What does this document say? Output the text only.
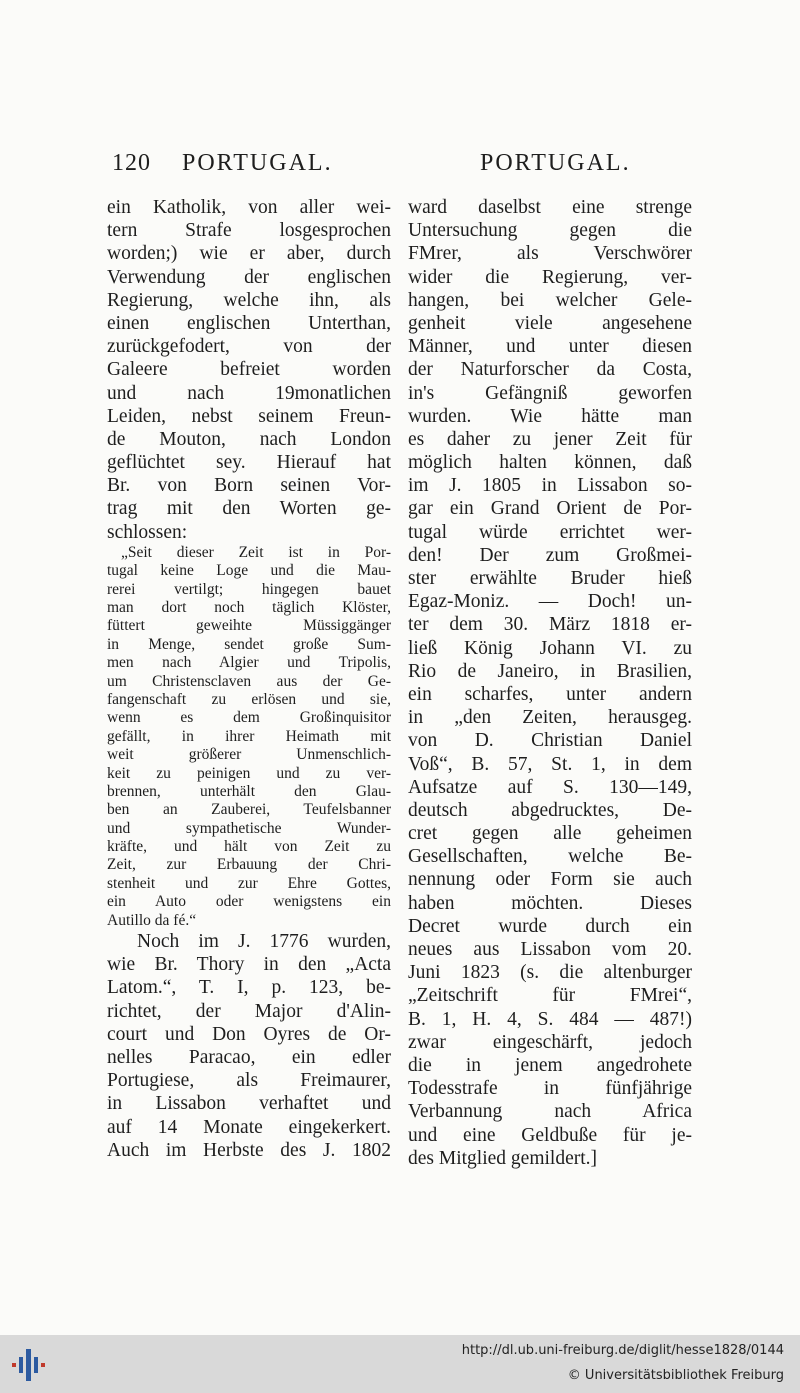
120 PORTUGAL.	PORTUGAL.
ein Katholik, von aller wei-
tern Strafe losgesprochen
worden;) wie er aber, durch
Verwendung der englischen
Regierung, welche ihn, als
einen englischen Unterthan,
zurückgefodert, von der
Galeere befreiet worden
und nach 19monatlichen
Leiden, nebst seinem Freun-
de Mouton, nach London
geflüchtet sey. Hierauf hat
Br. von Born seinen Vor-
trag mit den Worten ge-
schlossen:
„Seit dieser Zeit ist in Por-
tugal keine Loge und die Mau-
rerei vertilgt; hingegen bauet
man dort noch täglich Klöster,
füttert geweihte Müssiggänger
in Menge, sendet große Sum-
men nach Algier und Tripolis,
um Christensclaven aus der Ge-
fangenschaft zu erlösen und sie,
wenn es dem Großinquisitor
gefällt, in ihrer Heimath mit
weit größerer Unmenschlich-
keit zu peinigen und zu ver-
brennen, unterhält den Glau-
ben an Zauberei, Teufelsbanner
und sympathetische Wunder-
kräfte, und hält von Zeit zu
Zeit, zur Erbauung der Chri-
stenheit und zur Ehre Gottes,
ein Auto oder wenigstens ein
Autillo da fé.“
Noch im J. 1776 wurden,
wie Br. Thory in den „Acta
Latom.“, T. I, p. 123, be-
richtet, der Major d'Alin-
court und Don Oyres de Or-
nelles Paracao, ein edler
Portugiese, als Freimaurer,
in Lissabon verhaftet und
auf 14 Monate eingekerkert.
Auch im Herbste des J. 1802
ward daselbst eine strenge
Untersuchung gegen die
FMrer, als Verschwörer
wider die Regierung, ver-
hangen, bei welcher Gele-
genheit viele angesehene
Männer, und unter diesen
der Naturforscher da Costa,
in's Gefängniß geworfen
wurden. Wie hätte man
es daher zu jener Zeit für
möglich halten können, daß
im J. 1805 in Lissabon so-
gar ein Grand Orient de Por-
tugal würde errichtet wer-
den! Der zum Großmei-
ster erwählte Bruder hieß
Egaz-Moniz. — Doch! un-
ter dem 30. März 1818 er-
ließ König Johann VI. zu
Rio de Janeiro, in Brasilien,
ein scharfes, unter andern
in „den Zeiten, herausgeg.
von D. Christian Daniel
Voß“, B. 57, St. 1, in dem
Aufsatze auf S. 130—149,
deutsch abgedrucktes, De-
cret gegen alle geheimen
Gesellschaften, welche Be-
nennung oder Form sie auch
haben möchten. Dieses
Decret wurde durch ein
neues aus Lissabon vom 20.
Juni 1823 (s. die altenburger
„Zeitschrift für FMrei“,
B. 1, H. 4, S. 484 — 487!)
zwar eingeschärft, jedoch
die in jenem angedrohete
Todesstrafe in fünfjährige
Verbannung nach Africa
und eine Geldbuße für je-
des Mitglied gemildert.]
http://dl.ub.uni-freiburg.de/diglit/hesse1828/0144
© Universitätsbibliothek Freiburg
